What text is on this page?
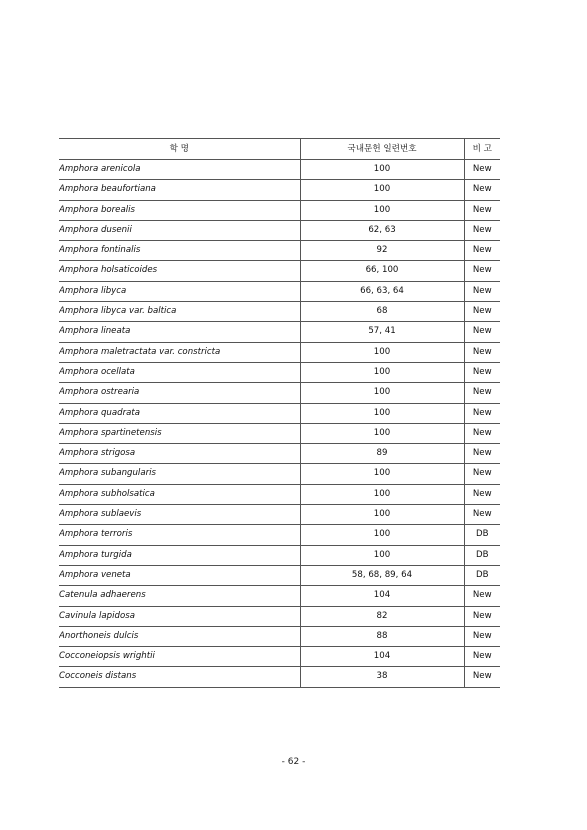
학 명	국내문헌 일련번호	비 고
Amphora arenicola	100	New
Amphora beaufortiana	100	New
Amphora borealis	100	New
Amphora dusenii	62, 63	New
Amphora fontinalis	92	New
Amphora holsaticoides	66, 100	New
Amphora libyca	66, 63, 64	New
Amphora libyca var. baltica	68	New
Amphora lineata	57, 41	New
Amphora maletractata var. constricta	100	New
Amphora ocellata	100	New
Amphora ostrearia	100	New
Amphora quadrata	100	New
Amphora spartinetensis	100	New
Amphora strigosa	89	New
Amphora subangularis	100	New
Amphora subholsatica	100	New
Amphora sublaevis	100	New
Amphora terroris	100	DB
Amphora turgida	100	DB
Amphora veneta	58, 68, 89, 64	DB
Catenula adhaerens	104	New
Cavinula lapidosa	82	New
Anorthoneis dulcis	88	New
Cocconeiopsis wrightii	104	New
Cocconeis distans	38	New
- 62 -
